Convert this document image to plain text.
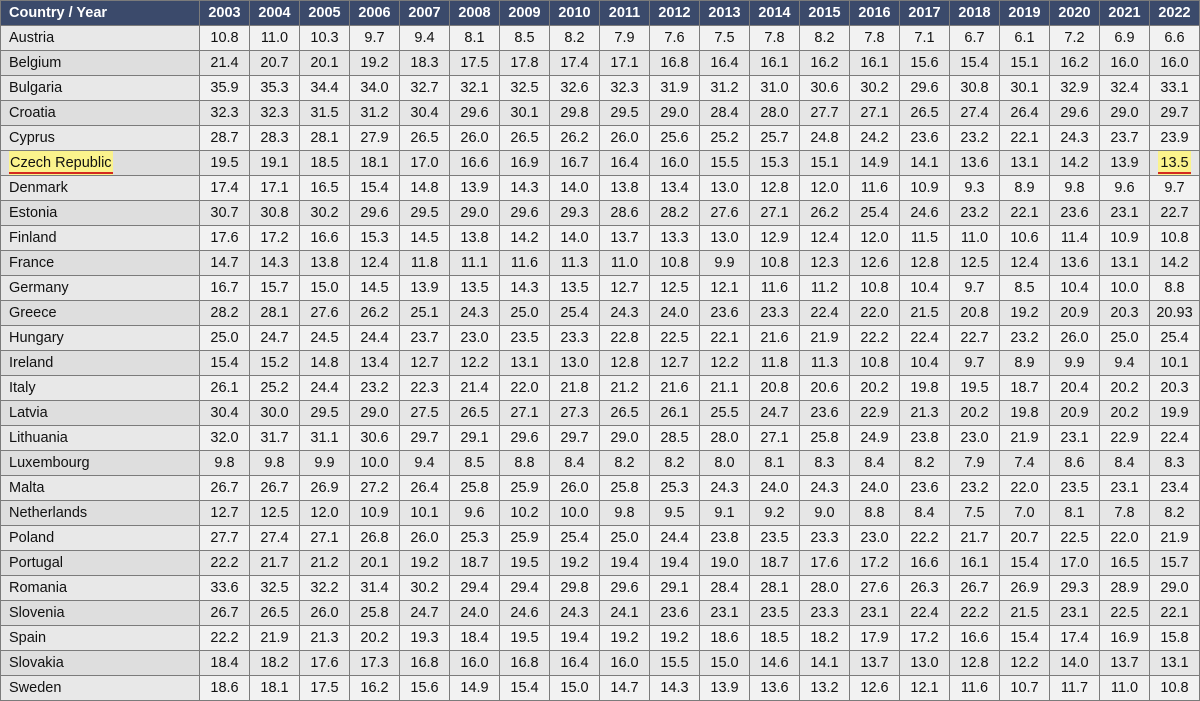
Country / Year	2003	2004	2005	2006	2007	2008	2009	2010	2011	2012	2013	2014	2015	2016	2017	2018	2019	2020	2021	2022
Austria	10.8	11.0	10.3	9.7	9.4	8.1	8.5	8.2	7.9	7.6	7.5	7.8	8.2	7.8	7.1	6.7	6.1	7.2	6.9	6.6
Belgium	21.4	20.7	20.1	19.2	18.3	17.5	17.8	17.4	17.1	16.8	16.4	16.1	16.2	16.1	15.6	15.4	15.1	16.2	16.0	16.0
Bulgaria	35.9	35.3	34.4	34.0	32.7	32.1	32.5	32.6	32.3	31.9	31.2	31.0	30.6	30.2	29.6	30.8	30.1	32.9	32.4	33.1
Croatia	32.3	32.3	31.5	31.2	30.4	29.6	30.1	29.8	29.5	29.0	28.4	28.0	27.7	27.1	26.5	27.4	26.4	29.6	29.0	29.7
Cyprus	28.7	28.3	28.1	27.9	26.5	26.0	26.5	26.2	26.0	25.6	25.2	25.7	24.8	24.2	23.6	23.2	22.1	24.3	23.7	23.9
Czech Republic	19.5	19.1	18.5	18.1	17.0	16.6	16.9	16.7	16.4	16.0	15.5	15.3	15.1	14.9	14.1	13.6	13.1	14.2	13.9	13.5
Denmark	17.4	17.1	16.5	15.4	14.8	13.9	14.3	14.0	13.8	13.4	13.0	12.8	12.0	11.6	10.9	9.3	8.9	9.8	9.6	9.7
Estonia	30.7	30.8	30.2	29.6	29.5	29.0	29.6	29.3	28.6	28.2	27.6	27.1	26.2	25.4	24.6	23.2	22.1	23.6	23.1	22.7
Finland	17.6	17.2	16.6	15.3	14.5	13.8	14.2	14.0	13.7	13.3	13.0	12.9	12.4	12.0	11.5	11.0	10.6	11.4	10.9	10.8
France	14.7	14.3	13.8	12.4	11.8	11.1	11.6	11.3	11.0	10.8	9.9	10.8	12.3	12.6	12.8	12.5	12.4	13.6	13.1	14.2
Germany	16.7	15.7	15.0	14.5	13.9	13.5	14.3	13.5	12.7	12.5	12.1	11.6	11.2	10.8	10.4	9.7	8.5	10.4	10.0	8.8
Greece	28.2	28.1	27.6	26.2	25.1	24.3	25.0	25.4	24.3	24.0	23.6	23.3	22.4	22.0	21.5	20.8	19.2	20.9	20.3	20.93
Hungary	25.0	24.7	24.5	24.4	23.7	23.0	23.5	23.3	22.8	22.5	22.1	21.6	21.9	22.2	22.4	22.7	23.2	26.0	25.0	25.4
Ireland	15.4	15.2	14.8	13.4	12.7	12.2	13.1	13.0	12.8	12.7	12.2	11.8	11.3	10.8	10.4	9.7	8.9	9.9	9.4	10.1
Italy	26.1	25.2	24.4	23.2	22.3	21.4	22.0	21.8	21.2	21.6	21.1	20.8	20.6	20.2	19.8	19.5	18.7	20.4	20.2	20.3
Latvia	30.4	30.0	29.5	29.0	27.5	26.5	27.1	27.3	26.5	26.1	25.5	24.7	23.6	22.9	21.3	20.2	19.8	20.9	20.2	19.9
Lithuania	32.0	31.7	31.1	30.6	29.7	29.1	29.6	29.7	29.0	28.5	28.0	27.1	25.8	24.9	23.8	23.0	21.9	23.1	22.9	22.4
Luxembourg	9.8	9.8	9.9	10.0	9.4	8.5	8.8	8.4	8.2	8.2	8.0	8.1	8.3	8.4	8.2	7.9	7.4	8.6	8.4	8.3
Malta	26.7	26.7	26.9	27.2	26.4	25.8	25.9	26.0	25.8	25.3	24.3	24.0	24.3	24.0	23.6	23.2	22.0	23.5	23.1	23.4
Netherlands	12.7	12.5	12.0	10.9	10.1	9.6	10.2	10.0	9.8	9.5	9.1	9.2	9.0	8.8	8.4	7.5	7.0	8.1	7.8	8.2
Poland	27.7	27.4	27.1	26.8	26.0	25.3	25.9	25.4	25.0	24.4	23.8	23.5	23.3	23.0	22.2	21.7	20.7	22.5	22.0	21.9
Portugal	22.2	21.7	21.2	20.1	19.2	18.7	19.5	19.2	19.4	19.4	19.0	18.7	17.6	17.2	16.6	16.1	15.4	17.0	16.5	15.7
Romania	33.6	32.5	32.2	31.4	30.2	29.4	29.4	29.8	29.6	29.1	28.4	28.1	28.0	27.6	26.3	26.7	26.9	29.3	28.9	29.0
Slovenia	26.7	26.5	26.0	25.8	24.7	24.0	24.6	24.3	24.1	23.6	23.1	23.5	23.3	23.1	22.4	22.2	21.5	23.1	22.5	22.1
Spain	22.2	21.9	21.3	20.2	19.3	18.4	19.5	19.4	19.2	19.2	18.6	18.5	18.2	17.9	17.2	16.6	15.4	17.4	16.9	15.8
Slovakia	18.4	18.2	17.6	17.3	16.8	16.0	16.8	16.4	16.0	15.5	15.0	14.6	14.1	13.7	13.0	12.8	12.2	14.0	13.7	13.1
Sweden	18.6	18.1	17.5	16.2	15.6	14.9	15.4	15.0	14.7	14.3	13.9	13.6	13.2	12.6	12.1	11.6	10.7	11.7	11.0	10.8
